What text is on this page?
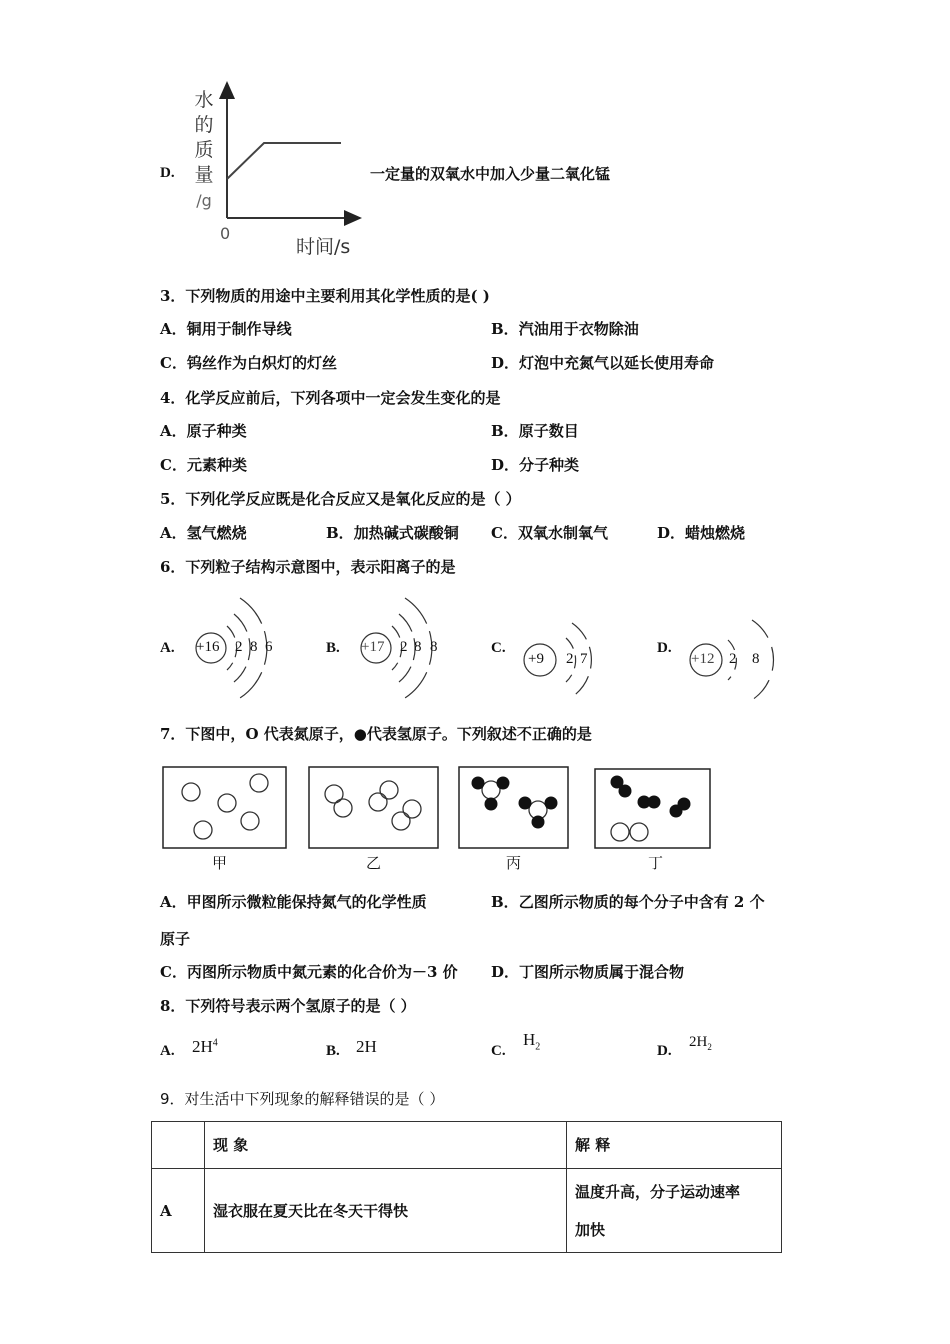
D.
水
的
质
量
/g
0
时间/s
一定量的双氧水中加入少量二氧化锰
3．下列物质的用途中主要利用其化学性质的是( )
A．铜用于制作导线	B．汽油用于衣物除油
C．钨丝作为白炽灯的灯丝	D．灯泡中充氮气以延长使用寿命
4．化学反应前后，下列各项中一定会发生变化的是
A．原子种类	B．原子数目
C．元素种类	D．分子种类
5．下列化学反应既是化合反应又是氧化反应的是（ ）
A．氢气燃烧	B．加热碱式碳酸铜 C．双氧水制氧气	D．蜡烛燃烧
6．下列粒子结构示意图中，表示阳离子的是
A. +16 2 8 6	B. +17 2 8 8	C.
+9 2 7
D.
+12 2 8
7．下图中，O 代表氮原子，●代表氢原子。下列叙述不正确的是
甲	乙	丙	丁
A．甲图所示微粒能保持氮气的化学性质	B．乙图所示物质的每个分子中含有 2 个
原子
C．丙图所示物质中氮元素的化合价为－3 价 D．丁图所示物质属于混合物
8．下列符号表示两个氢原子的是（ ）
A. $2H^4$
B. 2H	C.
$H_2$	D.
$2H_2$
9．对生活中下列现象的解释错误的是（ ）
	现 象	解 释
A	湿衣服在夏天比在冬天干得快	温度升高，分子运动速率
加快
